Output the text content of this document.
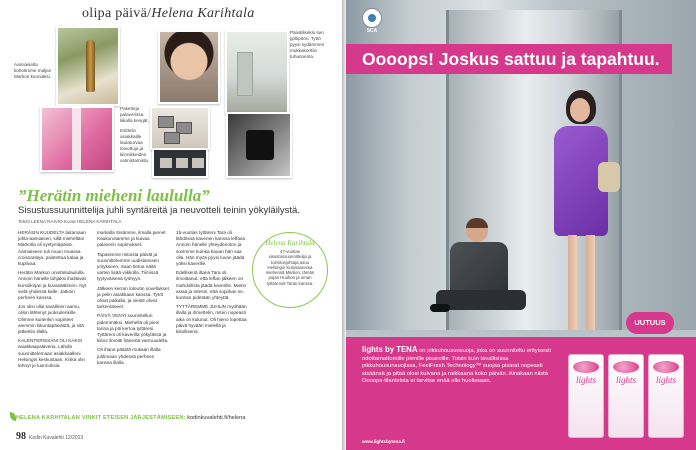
olipa päivä/Helena Karihtala
Aamiaiselta kohotimme maljan Markon kunniaksi.
Päivälliseksi sen grillipöön. Tyttö pyysi sydämmen mukkakorttiin tuhannenta.
Paketteja palaverissa, liikalla kengät.
Esittelin asiakkaille lautaturvaa toivottuja ja kiinnikkeiden valmistamista.
”Herätin mieheni laululla”
Sisustussuunnittelija juhli syntäreitä ja neuvotteli teinin yökyläilystä.
Teksti LEENA RAIVIO Kuvat HELENA KARIHTALA

HERÄSIN KUUDELTA laitamaan juhla-aamiaisen, sillä mieheltäni Markolla oli syntymäpäivä. Aamiaiseen tuli muun muassa croissanteja, paistettua kalaa ja kuplivaa.

Herätin Markon onnittelulaululla. Annoin hänelle lahjaksi ihailtavat kurssikirjan ja kuvasäätimen. Nyt vielä yhdessä kalle. Jatkoin perheen kanssa.

Jos olisi ollut tavallinen aamu, olisin lähtenyt juoksulenkille. Olimme kuitenkin sopineet aiemmin liikuntapäivästä, ja sitä jatkettiin illalla.

KALENTERISSANI OLI KAKSI asiakkaapalaveria. Lähdin suunnittelemaan asiakkaalleni Helsingin keskustaan. Kiska olin tehnyt jo luonnoksia.

markalla Sisämme, ilmalla pienet Kaukonotamme ja kuivaa palaverin sopimukset.

Tapasimme mitoista päivät ja suunnittelemme uudistamisen yritykseen. Saan tietoa näitä varten lisää viikkolla. Tiimissä tyytyväisenä työhyyn.

Jälkeen kerran toteutin sovellukset ja pelin asiakkaan kanssa. Tytöt olivat paikalla, ja viestit olivat tarkentaneet.

PÄIVÄ VENYI suunnitellun pidemmäksi. Miehellä oli pieni tarina ja piti kertoa tyttäreni. Tyttäreni oli kaverilla yökylässä ja kiitos ilmoitti hänestä varmuudella.

Oli ihana päästä mukaan illalla juhlimaan yhdessä perheen kanssa illalla.

15-vuotias tyttäreni Tara oli lähdössä kaverien kanssa leffaan. Annoin hänelle yhteydenoton ja sovimme kuinka kauan hän saa olla. Hän myös pyysi luvan jäädä yöksi kaverille.

Edellisenä iltana Tara oli ilmoittanut, että leffan jälkeen on mahdollista jäädä kaverille. Mietin asiaa ja totesin, että sopiihan se, kunhan pidetään yhteyttä.

TYTTÄREMME JUHLIN myöhään illalla ja ihmettelin, miten nopeasti aika on kulunut. Oli hieno lopettaa päivä hyvään mielellä ja kiitollisena.

Helena Karihtala
47-vuotias sisustussuunnittelija ja toimitusjohtaja asuu Helsingin Kulosaaressa miehensä Markon, tämän pojan Huukon ja oman tyttärensä Taran kanssa.
HELENA KARIHTALAN VINKIT ETEISEN JÄRJESTÄMISEEN: kodinkuvalehti.fi/helena
98 Kodin Kuvalehti 12/2013
SCA
Oooops! Joskus sattuu ja tapahtuu.
UUTUUS
lights by TENA on pikkuhousunsuoja, joka on suunniteltu erityisesti odottamattomille pienille pisaroille. Toisin kuin tavallisissa pikkuhousunsuojissa, FeelFresh Technology™ suojaa pisarat nopeasti sisäänsä ja pitää olosi kuivana ja raikkaana koko päivän. Ainakaan niistä Oooops-tilanteista ei tarvitse enää olla huolissaan.
www.lightsbytena.fi
lights	lights	lights
